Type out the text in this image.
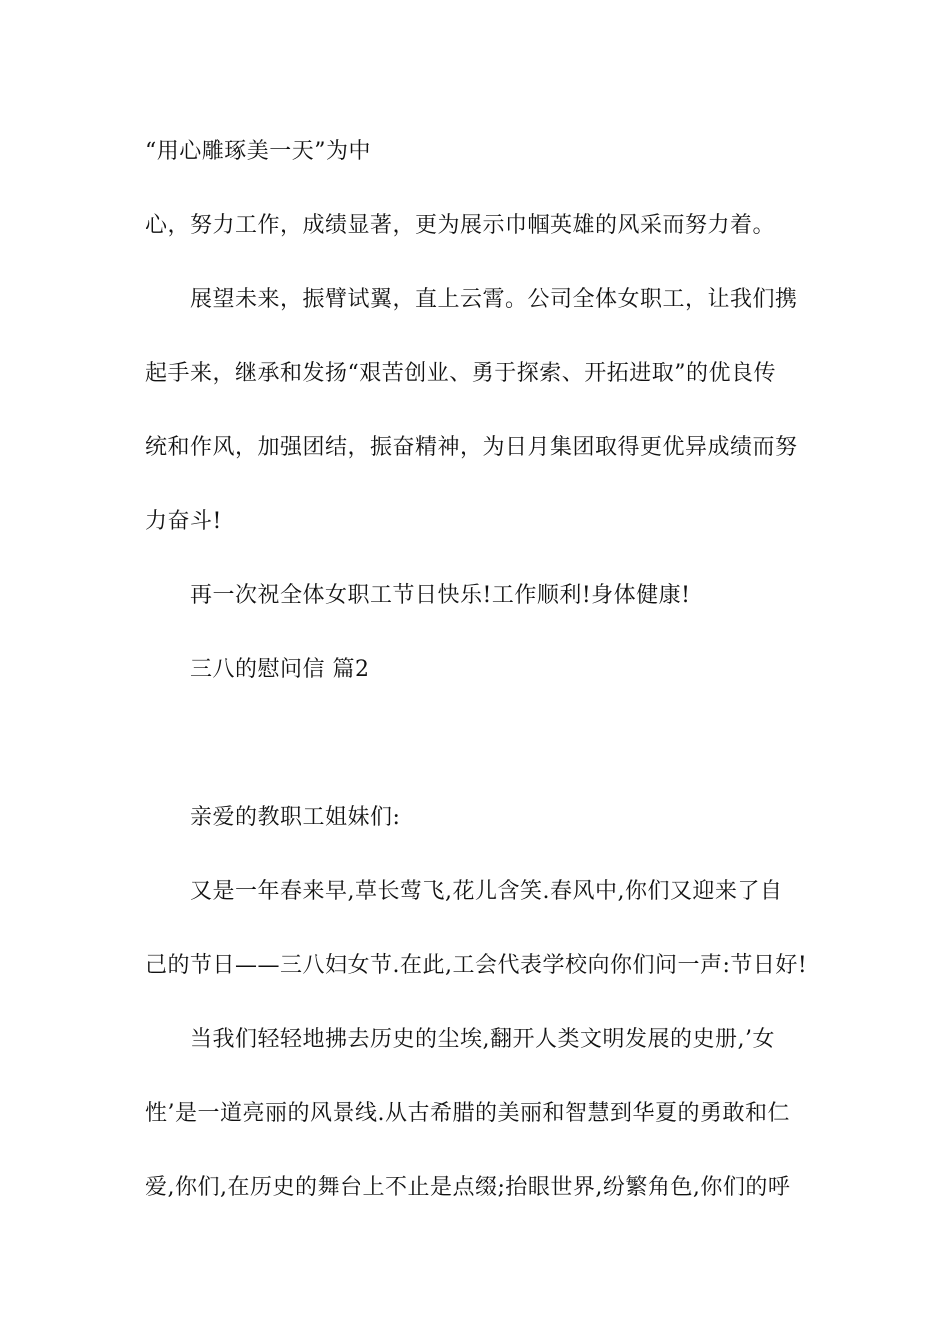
“用心雕琢美一天”为中
心，努力工作，成绩显著，更为展示巾帼英雄的风采而努力着。
展望未来，振臂试翼，直上云霄。公司全体女职工，让我们携
起手来，继承和发扬“艰苦创业、勇于探索、开拓进取”的优良传
统和作风，加强团结，振奋精神，为日月集团取得更优异成绩而努
力奋斗!
再一次祝全体女职工节日快乐!工作顺利!身体健康!
三八的慰问信 篇2
亲爱的教职工姐妹们:
又是一年春来早,草长莺飞,花儿含笑.春风中,你们又迎来了自
己的节日——三八妇女节.在此,工会代表学校向你们问一声:节日好!
当我们轻轻地拂去历史的尘埃,翻开人类文明发展的史册,’女
性’是一道亮丽的风景线.从古希腊的美丽和智慧到华夏的勇敢和仁
爱,你们,在历史的舞台上不止是点缀;抬眼世界,纷繁角色,你们的呼
